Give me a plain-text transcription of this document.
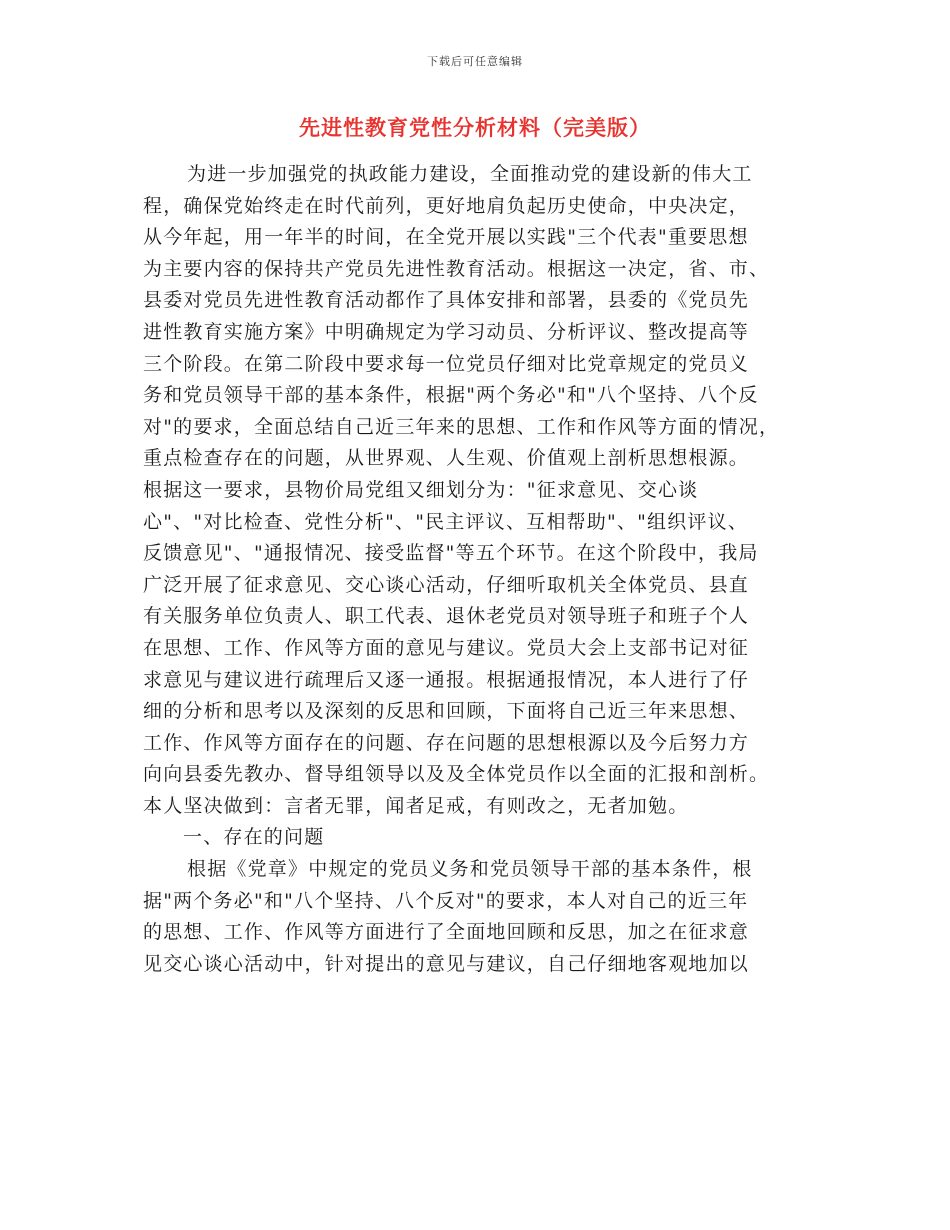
下载后可任意编辑
先进性教育党性分析材料（完美版）
为进一步加强党的执政能力建设，全面推动党的建设新的伟大工
程，确保党始终走在时代前列，更好地肩负起历史使命，中央决定，
从今年起，用一年半的时间，在全党开展以实践"三个代表"重要思想
为主要内容的保持共产党员先进性教育活动。根据这一决定，省、市、
县委对党员先进性教育活动都作了具体安排和部署，县委的《党员先
进性教育实施方案》中明确规定为学习动员、分析评议、整改提高等
三个阶段。在第二阶段中要求每一位党员仔细对比党章规定的党员义
务和党员领导干部的基本条件，根据"两个务必"和"八个坚持、八个反
对"的要求，全面总结自己近三年来的思想、工作和作风等方面的情况，
重点检查存在的问题，从世界观、人生观、价值观上剖析思想根源。
根据这一要求，县物价局党组又细划分为："征求意见、交心谈
心"、"对比检查、党性分析"、"民主评议、互相帮助"、"组织评议、
反馈意见"、"通报情况、接受监督"等五个环节。在这个阶段中，我局
广泛开展了征求意见、交心谈心活动，仔细听取机关全体党员、县直
有关服务单位负责人、职工代表、退休老党员对领导班子和班子个人
在思想、工作、作风等方面的意见与建议。党员大会上支部书记对征
求意见与建议进行疏理后又逐一通报。根据通报情况，本人进行了仔
细的分析和思考以及深刻的反思和回顾，下面将自己近三年来思想、
工作、作风等方面存在的问题、存在问题的思想根源以及今后努力方
向向县委先教办、督导组领导以及及全体党员作以全面的汇报和剖析。
本人坚决做到：言者无罪，闻者足戒，有则改之，无者加勉。
一、存在的问题
根据《党章》中规定的党员义务和党员领导干部的基本条件，根
据"两个务必"和"八个坚持、八个反对"的要求，本人对自己的近三年
的思想、工作、作风等方面进行了全面地回顾和反思，加之在征求意
见交心谈心活动中，针对提出的意见与建议，自己仔细地客观地加以
